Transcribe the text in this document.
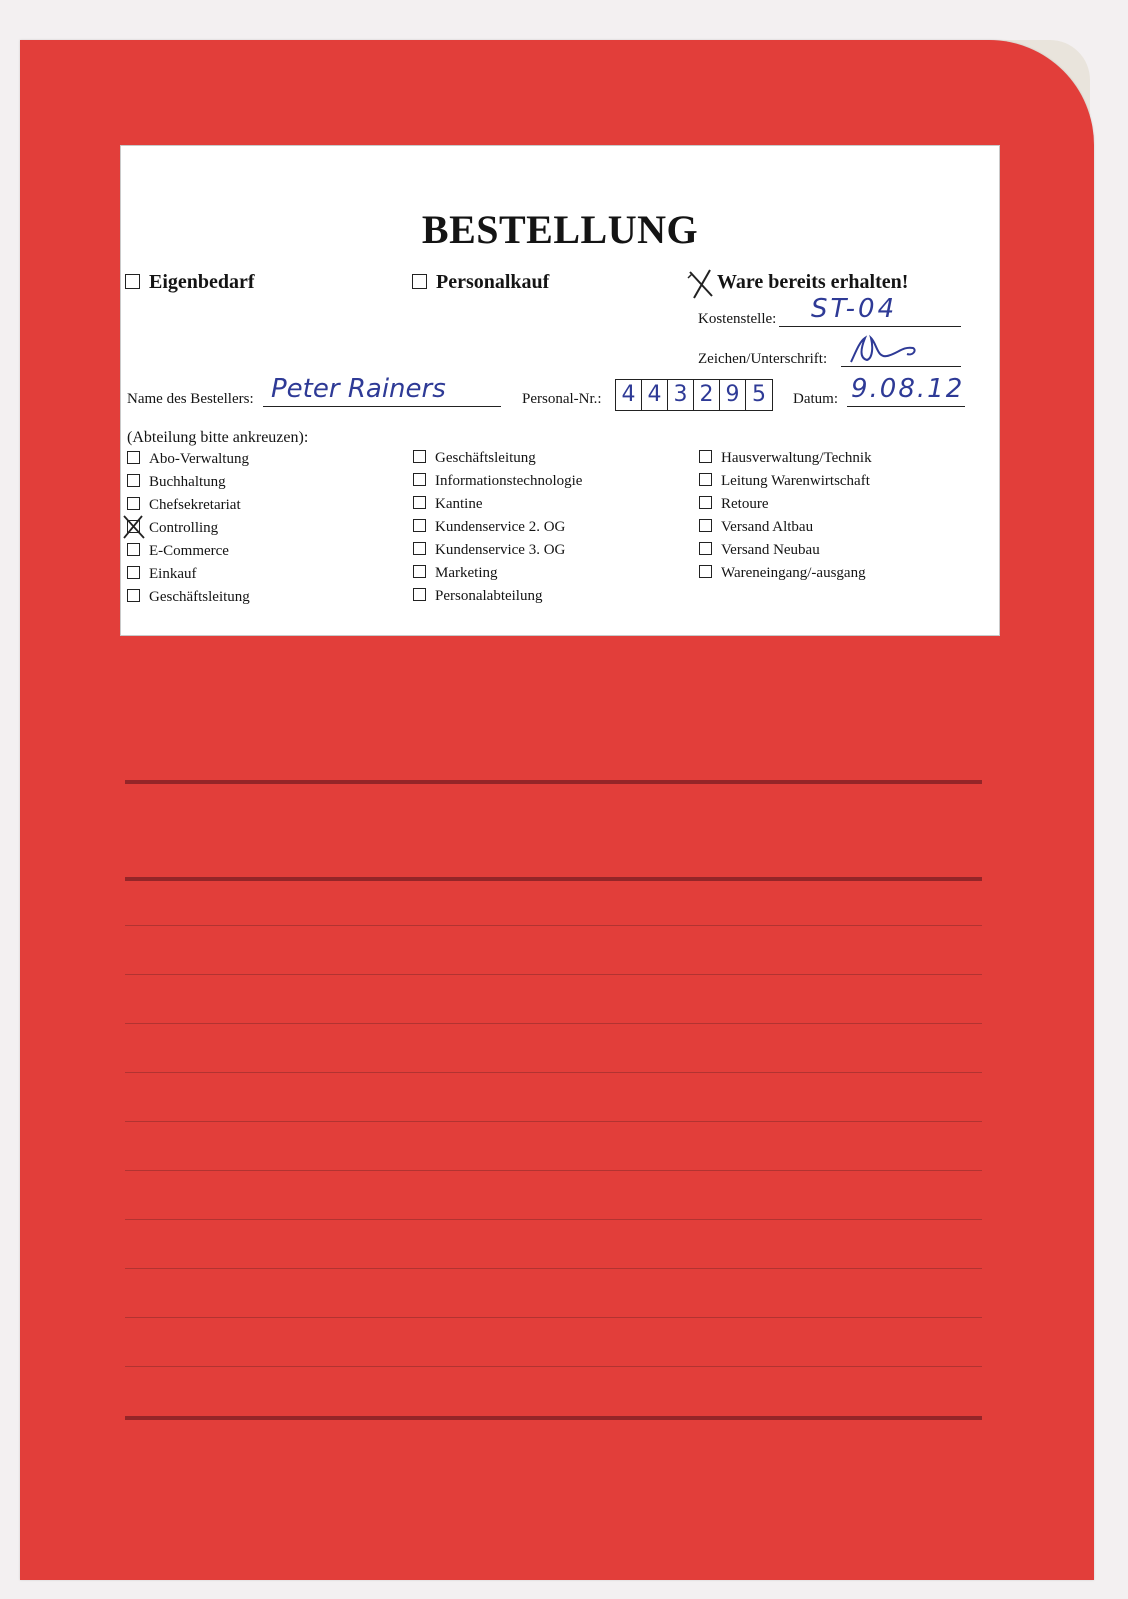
BESTELLUNG
Eigenbedarf	Personalkauf	Ware bereits erhalten!
Kostenstelle: ST-04
Zeichen/Unterschrift:
Name des Bestellers: Peter Rainers	Personal-Nr.: 4 4 3 2 9 5	Datum: 9.08.12
(Abteilung bitte ankreuzen):
Abo-Verwaltung
Buchhaltung
Chefsekretariat
Controlling
E-Commerce
Einkauf
Geschäftsleitung
Geschäftsleitung
Informationstechnologie
Kantine
Kundenservice 2. OG
Kundenservice 3. OG
Marketing
Personalabteilung
Hausverwaltung/Technik
Leitung Warenwirtschaft
Retoure
Versand Altbau
Versand Neubau
Wareneingang/-ausgang
